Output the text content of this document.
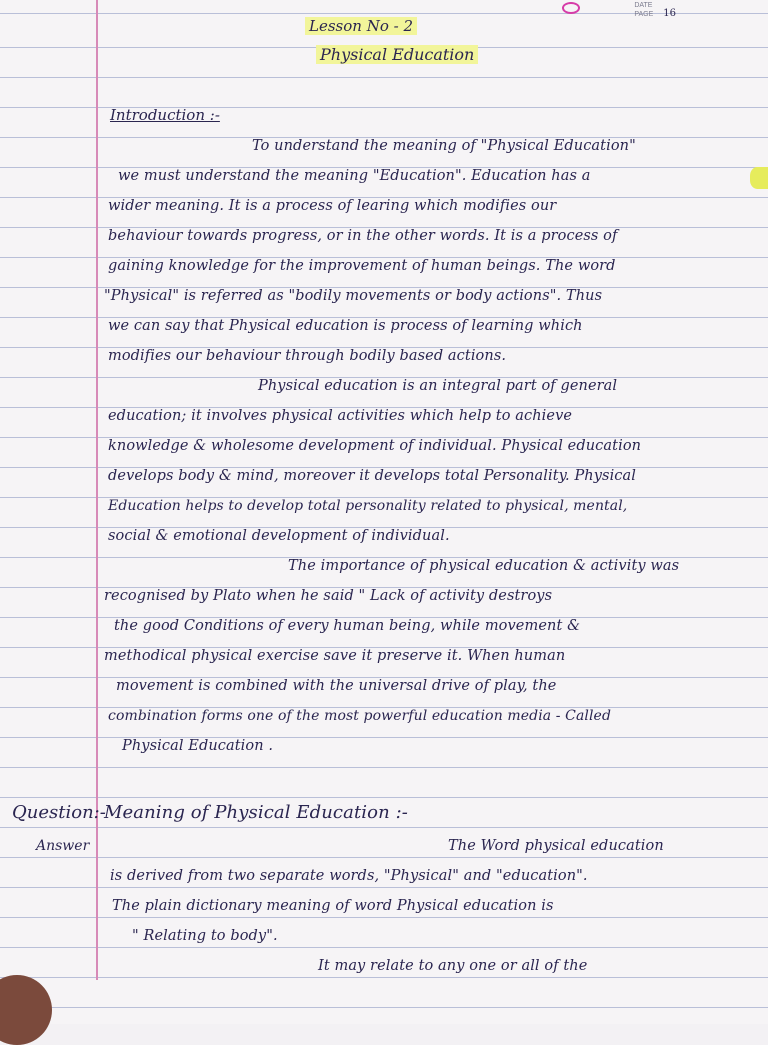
DATE
PAGE 16
Lesson No - 2
Physical Education
Introduction :-
To understand the meaning of "Physical Education"
we must understand the meaning "Education". Education has a
wider meaning. It is a process of learing which modifies our
behaviour towards progress, or in the other words. It is a process of
gaining knowledge for the improvement of human beings. The word
"Physical" is referred as "bodily movements or body actions". Thus
we can say that Physical education is process of learning which
modifies our behaviour through bodily based actions.
Physical education is an integral part of general
education; it involves physical activities which help to achieve
knowledge & wholesome development of individual. Physical education
develops body & mind, moreover it develops total Personality. Physical
Education helps to develop total personality related to physical, mental,
social & emotional development of individual.
The importance of physical education & activity was
recognised by Plato when he said " Lack of activity destroys
the good Conditions of every human being, while movement &
methodical physical exercise save it preserve it. When human
movement is combined with the universal drive of play, the
combination forms one of the most powerful education media - Called
Physical Education .
Question:-
Meaning of Physical Education :-
Answer	The Word physical education
is derived from two separate words, "Physical" and "education".
The plain dictionary meaning of word Physical education is
" Relating to body".
It may relate to any one or all of the
